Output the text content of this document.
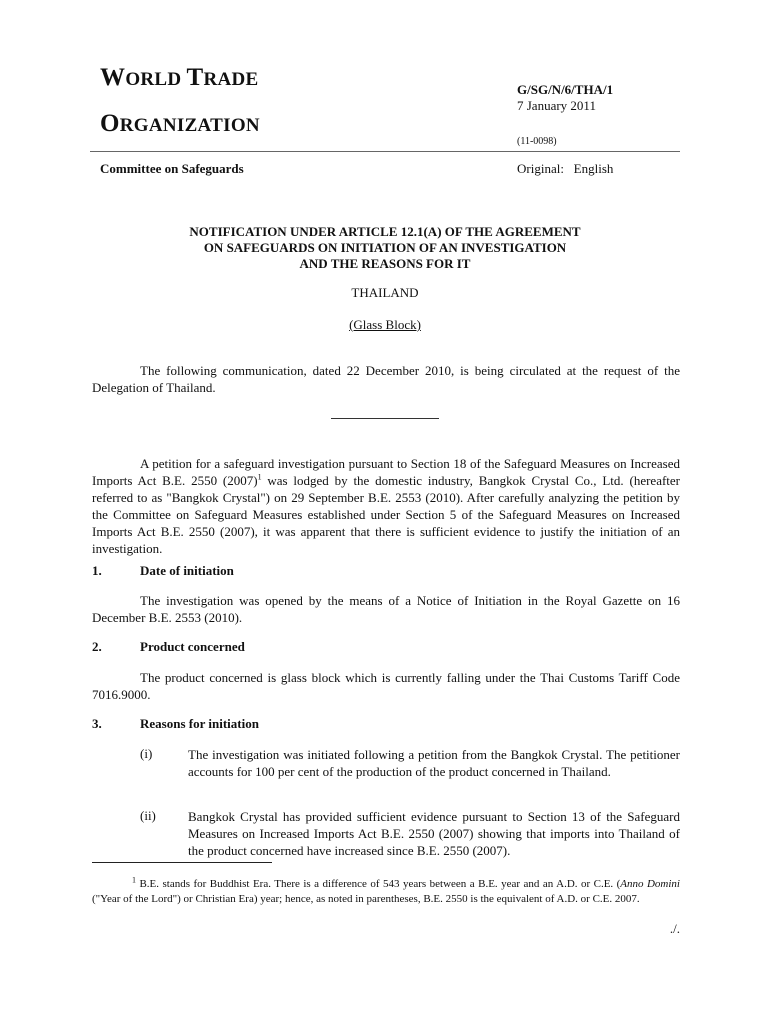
WORLD TRADE
ORGANIZATION
G/SG/N/6/THA/1
7 January 2011
(11-0098)
Committee on Safeguards	Original:   English
NOTIFICATION UNDER ARTICLE 12.1(A) OF THE AGREEMENT
ON SAFEGUARDS ON INITIATION OF AN INVESTIGATION
AND THE REASONS FOR IT
THAILAND
(Glass Block)
The following communication, dated 22 December 2010, is being circulated at the request of the Delegation of Thailand.
A petition for a safeguard investigation pursuant to Section 18 of the Safeguard Measures on Increased Imports Act B.E. 2550 $(2007)^1$ was lodged by the domestic industry, Bangkok Crystal Co., Ltd. (hereafter referred to as "Bangkok Crystal") on 29 September B.E. 2553 (2010). After carefully analyzing the petition by the Committee on Safeguard Measures established under Section 5 of the Safeguard Measures on Increased Imports Act B.E. 2550 (2007), it was apparent that there is sufficient evidence to justify the initiation of an investigation.
1.	Date of initiation
The investigation was opened by the means of a Notice of Initiation in the Royal Gazette on 16 December B.E. 2553 (2010).
2.	Product concerned
The product concerned is glass block which is currently falling under the Thai Customs Tariff Code 7016.9000.
3.	Reasons for initiation
(i)	The investigation was initiated following a petition from the Bangkok Crystal. The petitioner accounts for 100 per cent of the production of the product concerned in Thailand.
(ii) Bangkok Crystal has provided sufficient evidence pursuant to Section 13 of the Safeguard Measures on Increased Imports Act B.E. 2550 (2007) showing that imports into Thailand of the product concerned have increased since B.E. 2550 (2007).
$^1$ B.E. stands for Buddhist Era. There is a difference of 543 years between a B.E. year and an A.D. or C.E. (Anno Domini ("Year of the Lord") or Christian Era) year; hence, as noted in parentheses, B.E. 2550 is the equivalent of A.D. or C.E. 2007.
./.
